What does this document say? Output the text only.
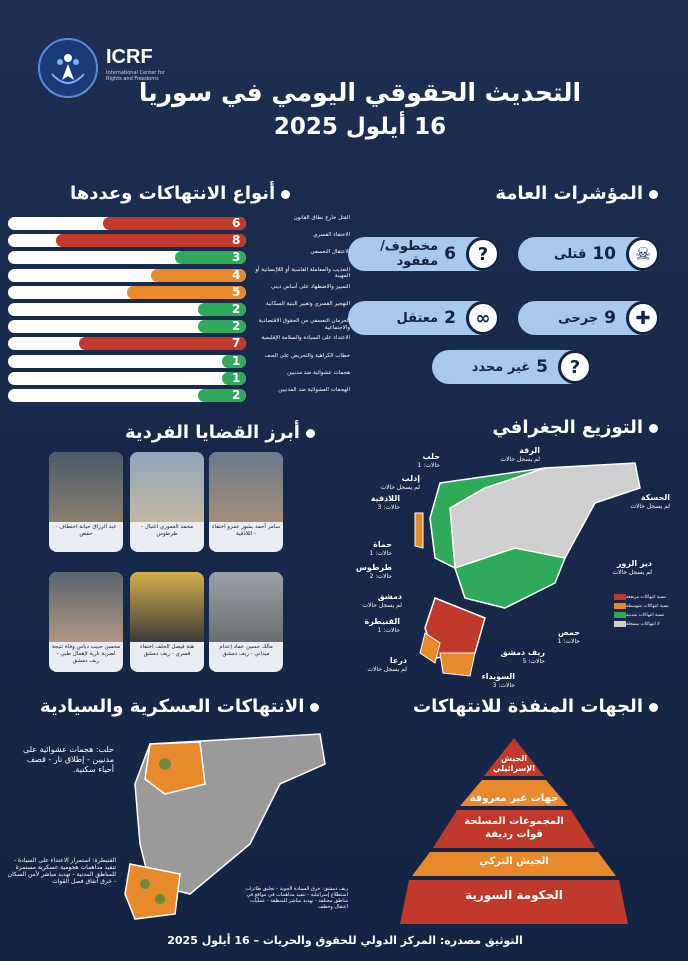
ICRF
International Center for Rights and Freedoms
التحديث الحقوقي اليومي في سوريا
16 أيلول 2025
المؤشرات العامة
☠
10
قتلى
?
6
مخطوف/مفقود
✚
9
جرحى
∞
2
معتقل
?
5
غير محدد
أنواع الانتهاكات وعددها
6	القتل خارج نطاق القانون
8	الاختفاء القسري
3	الاعتقال التعسفي
4	التعذيب والمعاملة القاسية أو اللاإنسانية أو المهينة
5	التمييز والاضطهاد على أساس ديني
2	التهجير القسري وتغيير البنية السكانية
2	الحرمان التعسفي من الحقوق الاقتصادية والاجتماعية
7	الاعتداء على السيادة والسلامة الإقليمية
1	خطاب الكراهية والتحريض على العنف
1	هجمات عشوائية ضد مدنيين
2	الهجمات العشوائية ضد المدنيين
أبرز القضايا الفردية
عبد الرزاق حيانة اختطاف - حمص
محمد العموري اغتيال - طرطوس
سامر أحمد بشور عمرو اختفاء - اللاذقية
محسن حبيب دياس وفاة نتيجة لضربة نارية لإهمال طبي - ريف دمشق
هبة فيصل الخلف اختفاء قسري - ريف دمشق
مالك حسين عماد إعدام ميداني - ريف دمشق
التوزيع الجغرافي
حلب
حالات: 1
الرقة
لم يسجل حالات
إدلب
لم يسجل حالات
الحسكة
لم يسجل حالات
اللاذقية
حالات: 3
حماة
حالات: 1
طرطوس
حالات: 2
دير الزور
لم يسجل حالات
دمشق
لم يسجل حالات
القنيطرة
حالات: 1	حمص
حالات: 1
درعا
لم يسجل حالات
ريف دمشق
حالات: 5
السويداء
حالات: 3
نسبة انتهاكات مرتفعة
نسبة انتهاكات متوسطة
نسبة انتهاكات متدنية
لا انتهاكات مسجلة
الانتهاكات العسكرية والسيادية
حلب: هجمات عشوائية على مدنيين - إطلاق نار - قصف أحياء سكنية.
القنيطرة: استمرار الاعتداء على السيادة - تنفيذ مداهمات هجومية عسكرية مستمرة للمناطق المدنية - تهديد مباشر لأمن السكان - خرق اتفاق فصل القوات
ريف دمشق: خرق السيادة الجوية - تحليق طائرات استطلاع إسرائيلية - تنفيذ مداهمات في مواقع في مناطق مختلفة - تهديد مباشر للمنطقة - عمليات اعتقال وخطف
الجهات المنفذة للانتهاكات
الجيش الإسرائيلي
جهات غير معروفة
المجموعات المسلحة قوات رديفة
الجيش التركي
الحكومة السورية
التوثيق مصدره: المركز الدولي للحقوق والحريات – 16 أيلول 2025
